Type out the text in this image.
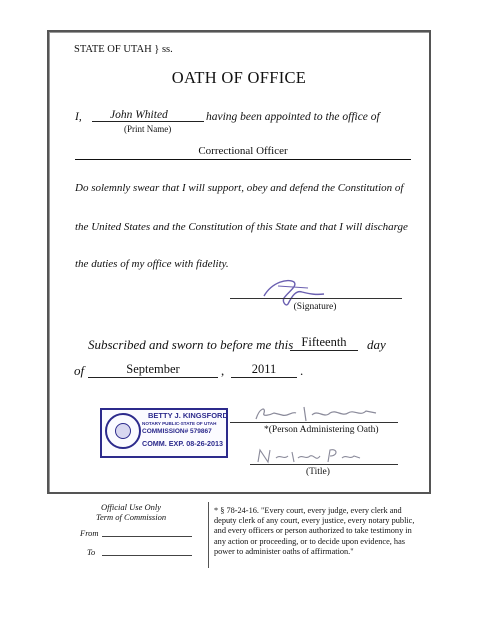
STATE OF UTAH } ss.
OATH OF OFFICE
I,	John Whited	having been appointed to the office of
(Print Name)
Correctional Officer
Do solemnly swear that I will support, obey and defend the Constitution of
the United States and the Constitution of this State and that I will discharge
the duties of my office with fidelity.
(Signature)
Subscribed and sworn to before me this Fifteenth	day
of	September	,	2011	.
BETTY J. KINGSFORD
NOTARY PUBLIC-STATE OF UTAH
COMMISSION# 579867
COMM. EXP. 08-26-2013
*(Person Administering Oath)
(Title)
Official Use Only
Term of Commission
From
To
* § 78-24-16. "Every court, every judge, every clerk and deputy clerk of any court, every justice, every notary public, and every officers or person authorized to take testimony in any action or proceeding, or to decide upon evidence, has power to administer oaths of affirmation."
